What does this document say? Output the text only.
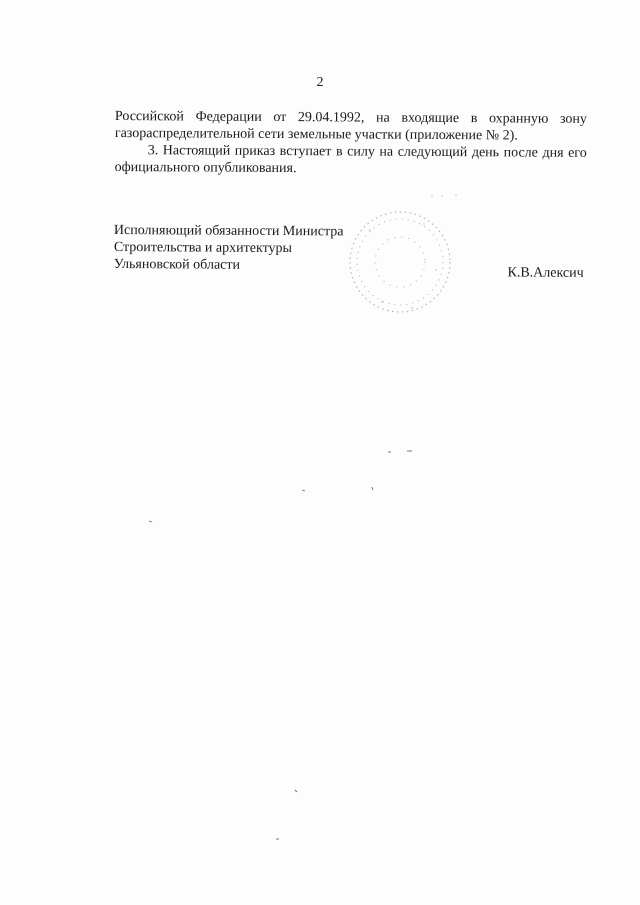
2

Российской Федерации от 29.04.1992, на входящие в охранную зону

газораспределительной сети земельные участки (приложение № 2).

3. Настоящий приказ вступает в силу на следующий день после дня его официального опубликования.

Исполняющий обязанности Министра
Строительства и архитектуры
Ульяновской области
К.В.Алексич
